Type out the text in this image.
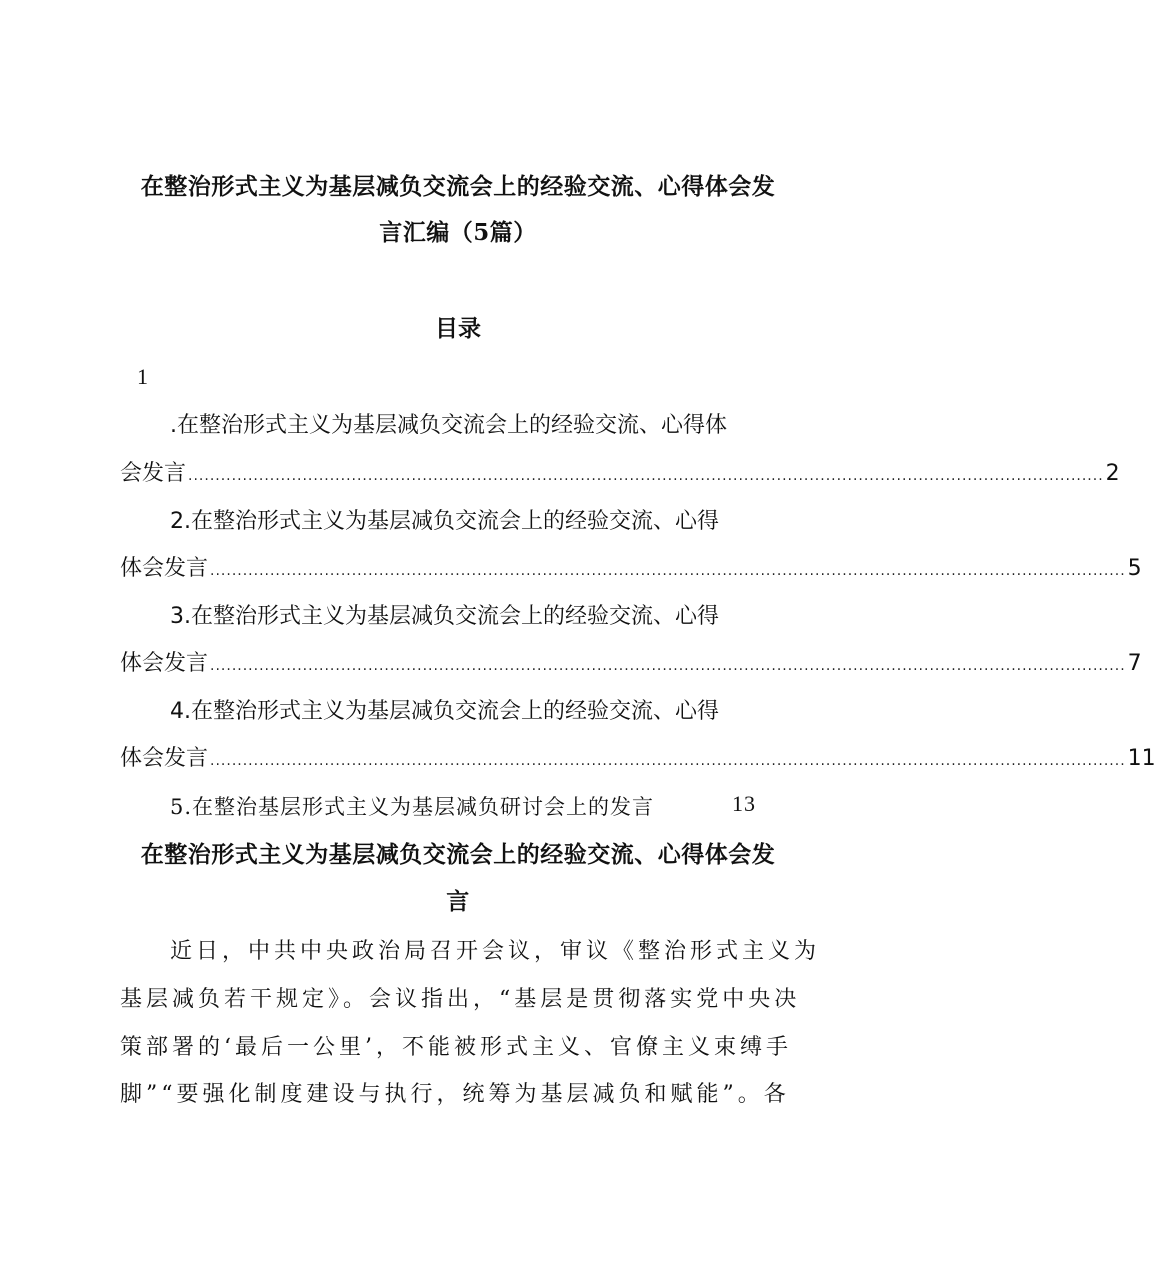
在整治形式主义为基层减负交流会上的经验交流、心得体会发
言汇编（5篇）
目录
1
.在整治形式主义为基层减负交流会上的经验交流、心得体
会发言 ........................................................................................................................................................................ 2
2.在整治形式主义为基层减负交流会上的经验交流、心得
体会发言 ........................................................................................................................................................................ 5
3.在整治形式主义为基层减负交流会上的经验交流、心得
体会发言 ........................................................................................................................................................................ 7
4.在整治形式主义为基层减负交流会上的经验交流、心得
体会发言 ........................................................................................................................................................................ 11
5.在整治基层形式主义为基层减负研讨会上的发言	13
在整治形式主义为基层减负交流会上的经验交流、心得体会发
言
近日，中共中央政治局召开会议，审议《整治形式主义为
基层减负若干规定》。会议指出，“基层是贯彻落实党中央决
策部署的‘最后一公里’，不能被形式主义、官僚主义束缚手
脚”“要强化制度建设与执行，统筹为基层减负和赋能”。各
